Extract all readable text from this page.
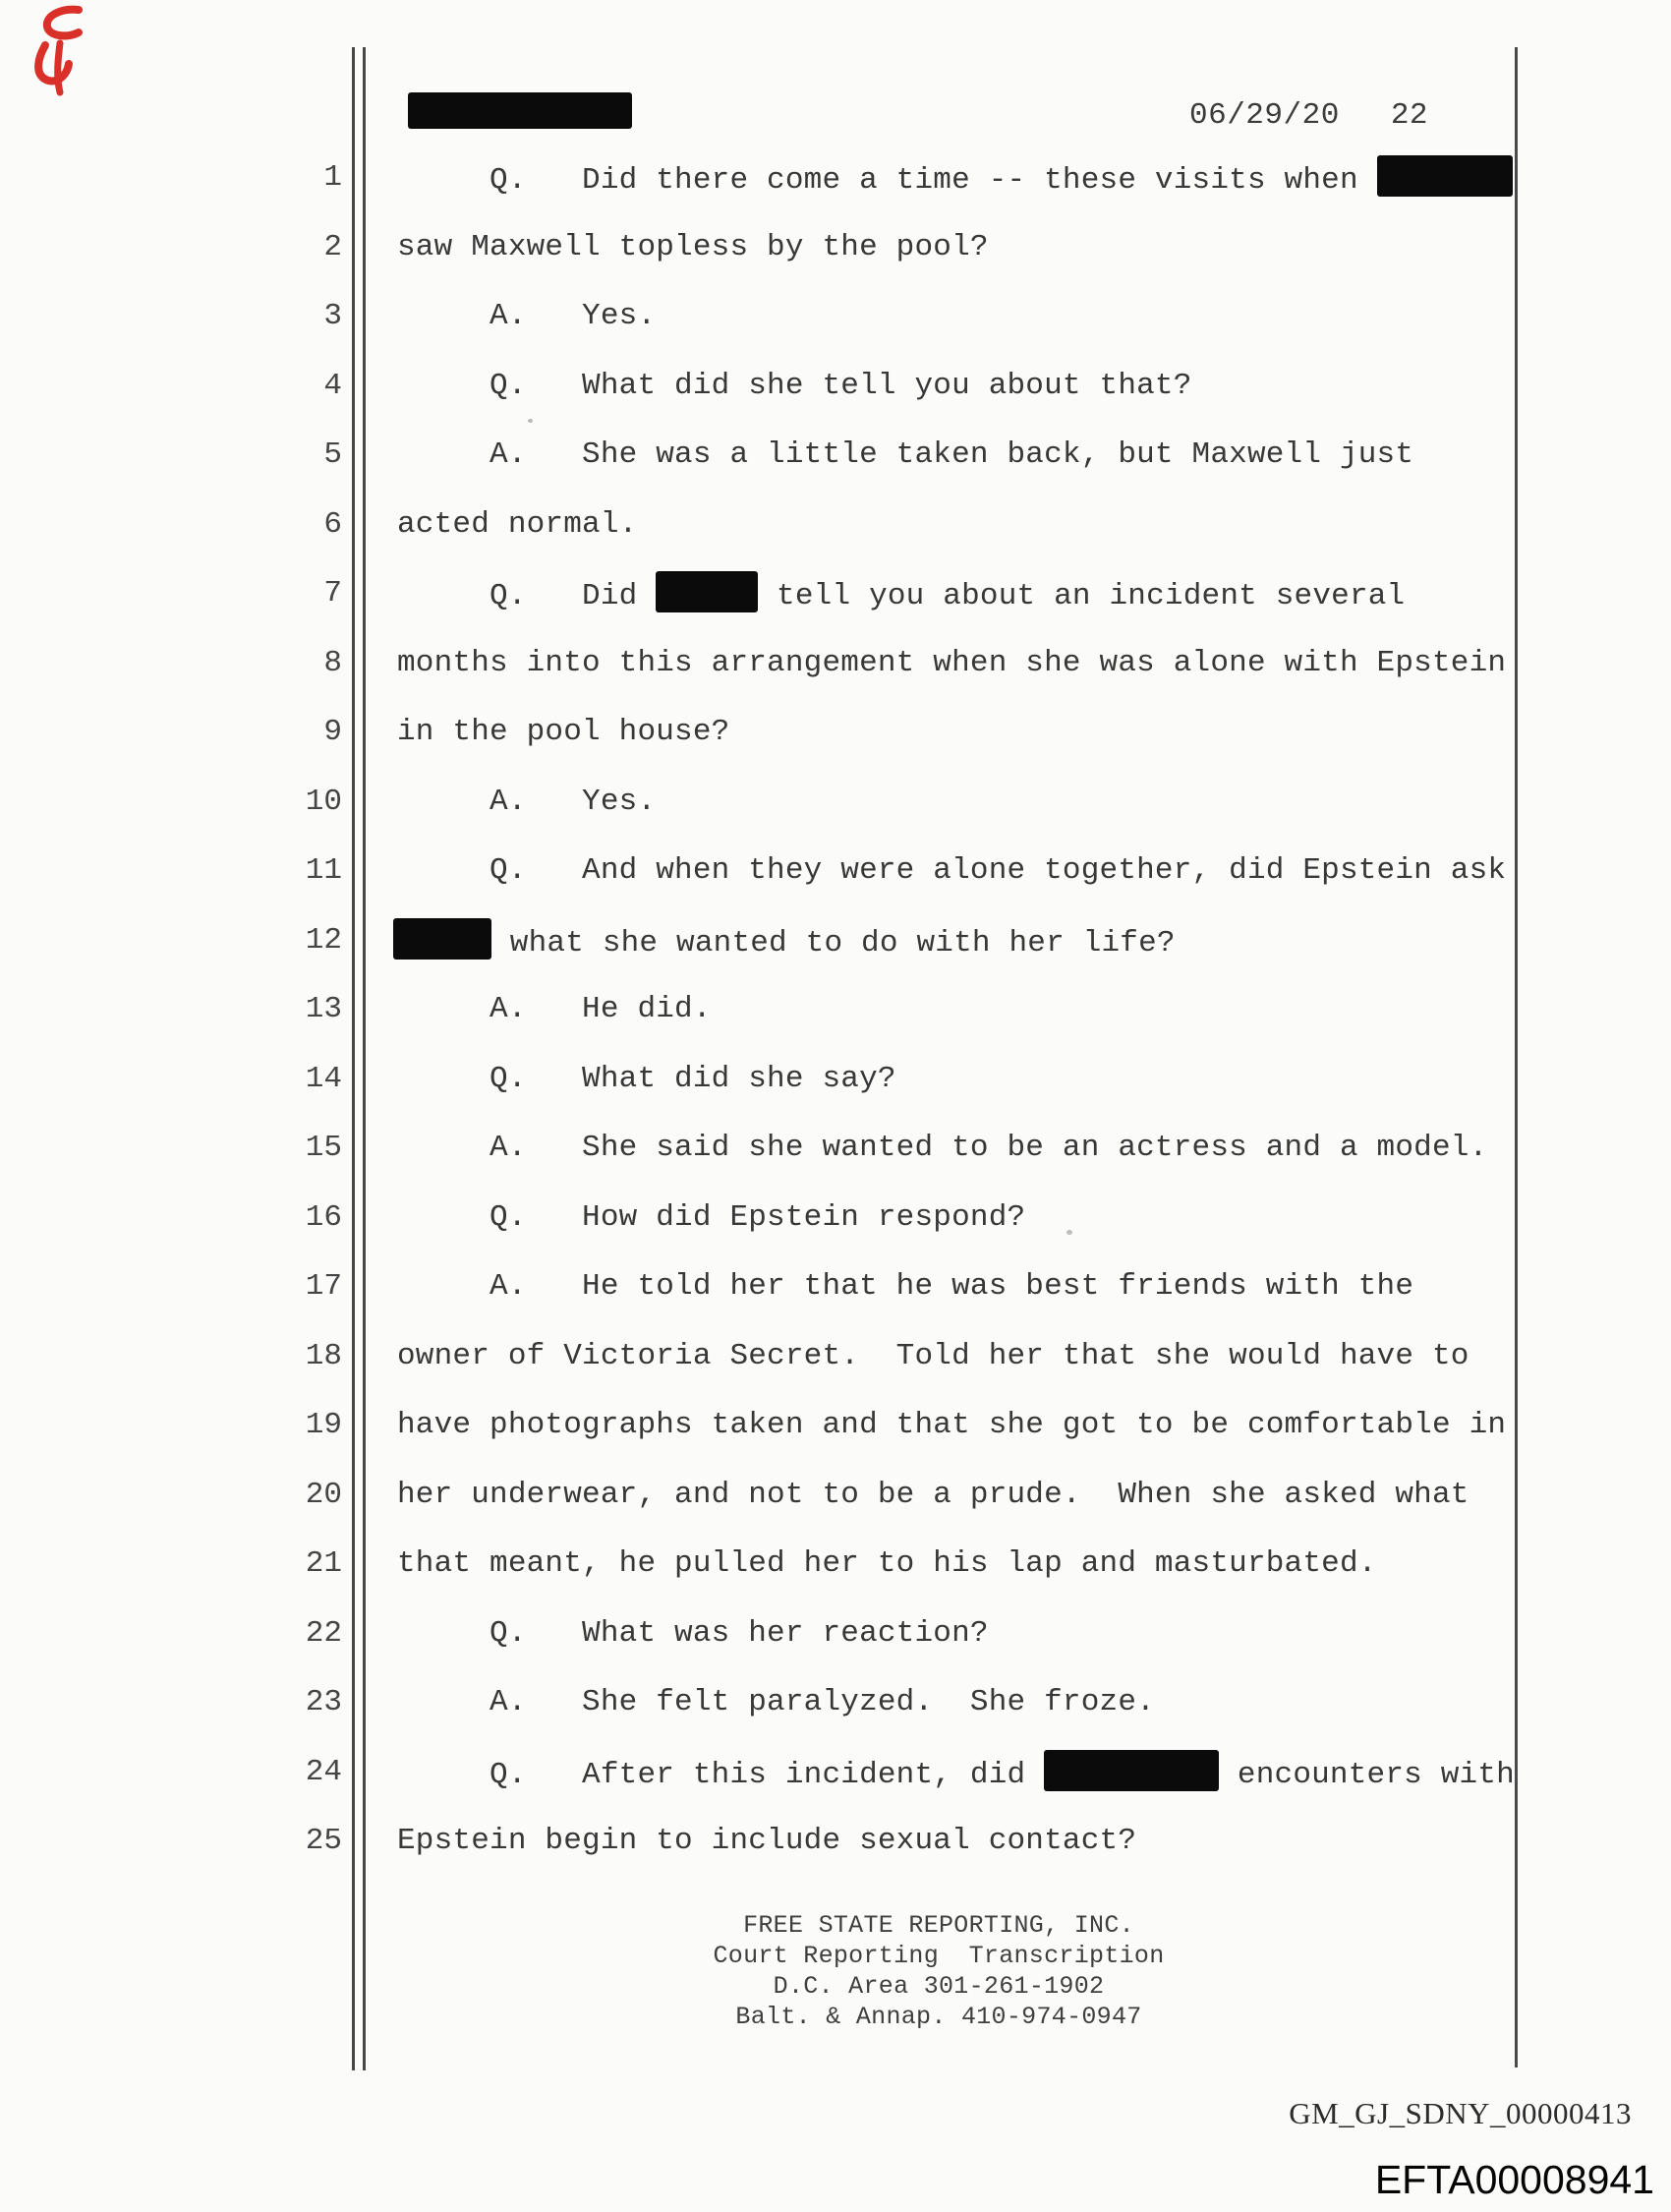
06/29/20 22
1 Q.   Did there come a time -- these visits when
2 saw Maxwell topless by the pool?
3 A.   Yes.
4 Q.   What did she tell you about that?
5 A.   She was a little taken back, but Maxwell just
6 acted normal.
7 Q.   Did	tell you about an incident several
8 months into this arrangement when she was alone with Epstein
9 in the pool house?
10 A.   Yes.
11 Q.   And when they were alone together, did Epstein ask
12	what she wanted to do with her life?
13 A.   He did.
14 Q.   What did she say?
15 A.   She said she wanted to be an actress and a model.
16 Q.   How did Epstein respond?
17 A.   He told her that he was best friends with the
18 owner of Victoria Secret.  Told her that she would have to
19 have photographs taken and that she got to be comfortable in
20 her underwear, and not to be a prude.  When she asked what
21 that meant, he pulled her to his lap and masturbated.
22 Q.   What was her reaction?
23 A.   She felt paralyzed.  She froze.
24 Q.   After this incident, did	encounters with
25 Epstein begin to include sexual contact?
FREE STATE REPORTING, INC.
Court Reporting  Transcription
D.C. Area 301-261-1902
Balt. & Annap. 410-974-0947
GM_GJ_SDNY_00000413
EFTA00008941
